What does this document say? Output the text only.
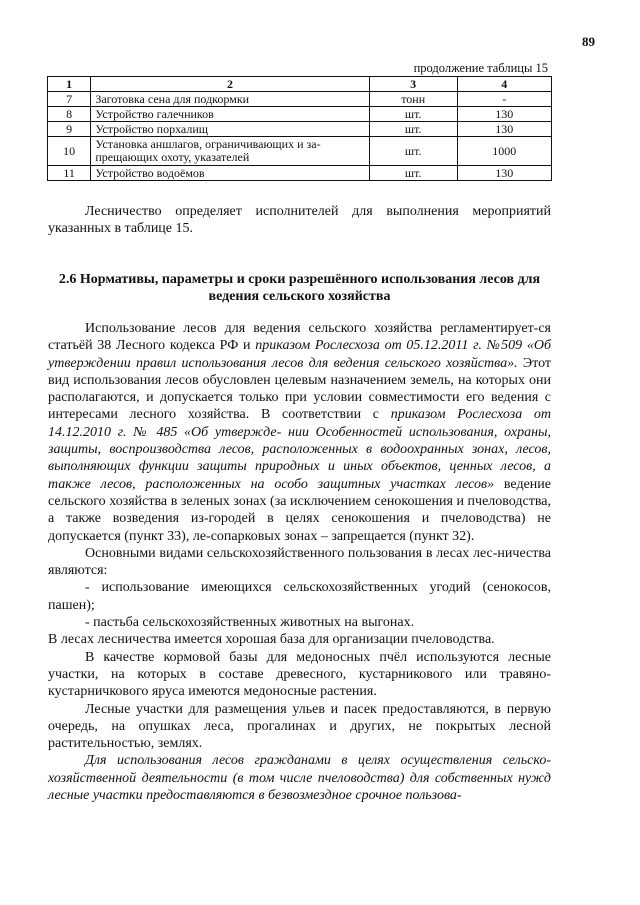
89
продолжение таблицы 15
1	2	3	4
7	Заготовка сена для подкормки	тонн	-
8	Устройство галечников	шт.	130
9	Устройство порхалищ	шт.	130
10	Установка аншлагов, ограничивающих и за-прещающих охоту, указателей	шт.	1000
11	Устройство водоёмов	шт.	130

Лесничество определяет исполнителей для выполнения мероприятий указанных в таблице 15.

2.6 Нормативы, параметры и сроки разрешённого использования лесов для ведения сельского хозяйства

Использование лесов для ведения сельского хозяйства регламентирует-ся статьёй 38 Лесного кодекса РФ и приказом Рослесхоза от 05.12.2011 г. №509 «Об утверждении правил использования лесов для ведения сельского хозяйства». Этот вид использования лесов обусловлен целевым назначением земель, на которых они располагаются, и допускается только при условии совместимости его ведения с интересами лесного хозяйства. В соответствии с приказом Рослесхоза от 14.12.2010 г. № 485 «Об утвержде- нии Особенностей использования, охраны, защиты, воспроизводства лесов, расположенных в водоохранных зонах, лесов, выполняющих функции защиты природных и иных объектов, ценных лесов, а также лесов, расположенных на особо защитных участках лесов» ведение сельского хозяйства в зеленых зонах (за исключением сенокошения и пчеловодства, а также возведения из-городей в целях сенокошения и пчеловодства) не допускается (пункт 33), ле-сопарковых зонах – запрещается (пункт 32).

Основными видами сельскохозяйственного пользования в лесах лес-ничества являются:

- использование имеющихся сельскохозяйственных угодий (сенокосов, пашен);

- пастьба сельскохозяйственных животных на выгонах.

В лесах лесничества имеется хорошая база для организации пчеловодства.

В качестве кормовой базы для медоносных пчёл используются лесные участки, на которых в составе древесного, кустарникового или травяно-кустарничкового яруса имеются медоносные растения.

Лесные участки для размещения ульев и пасек предоставляются, в первую очередь, на опушках леса, прогалинах и других, не покрытых лесной растительностью, землях.

Для использования лесов гражданами в целях осуществления сельско-хозяйственной деятельности (в том числе пчеловодства) для собственных нужд лесные участки предоставляются в безвозмездное срочное пользова-
